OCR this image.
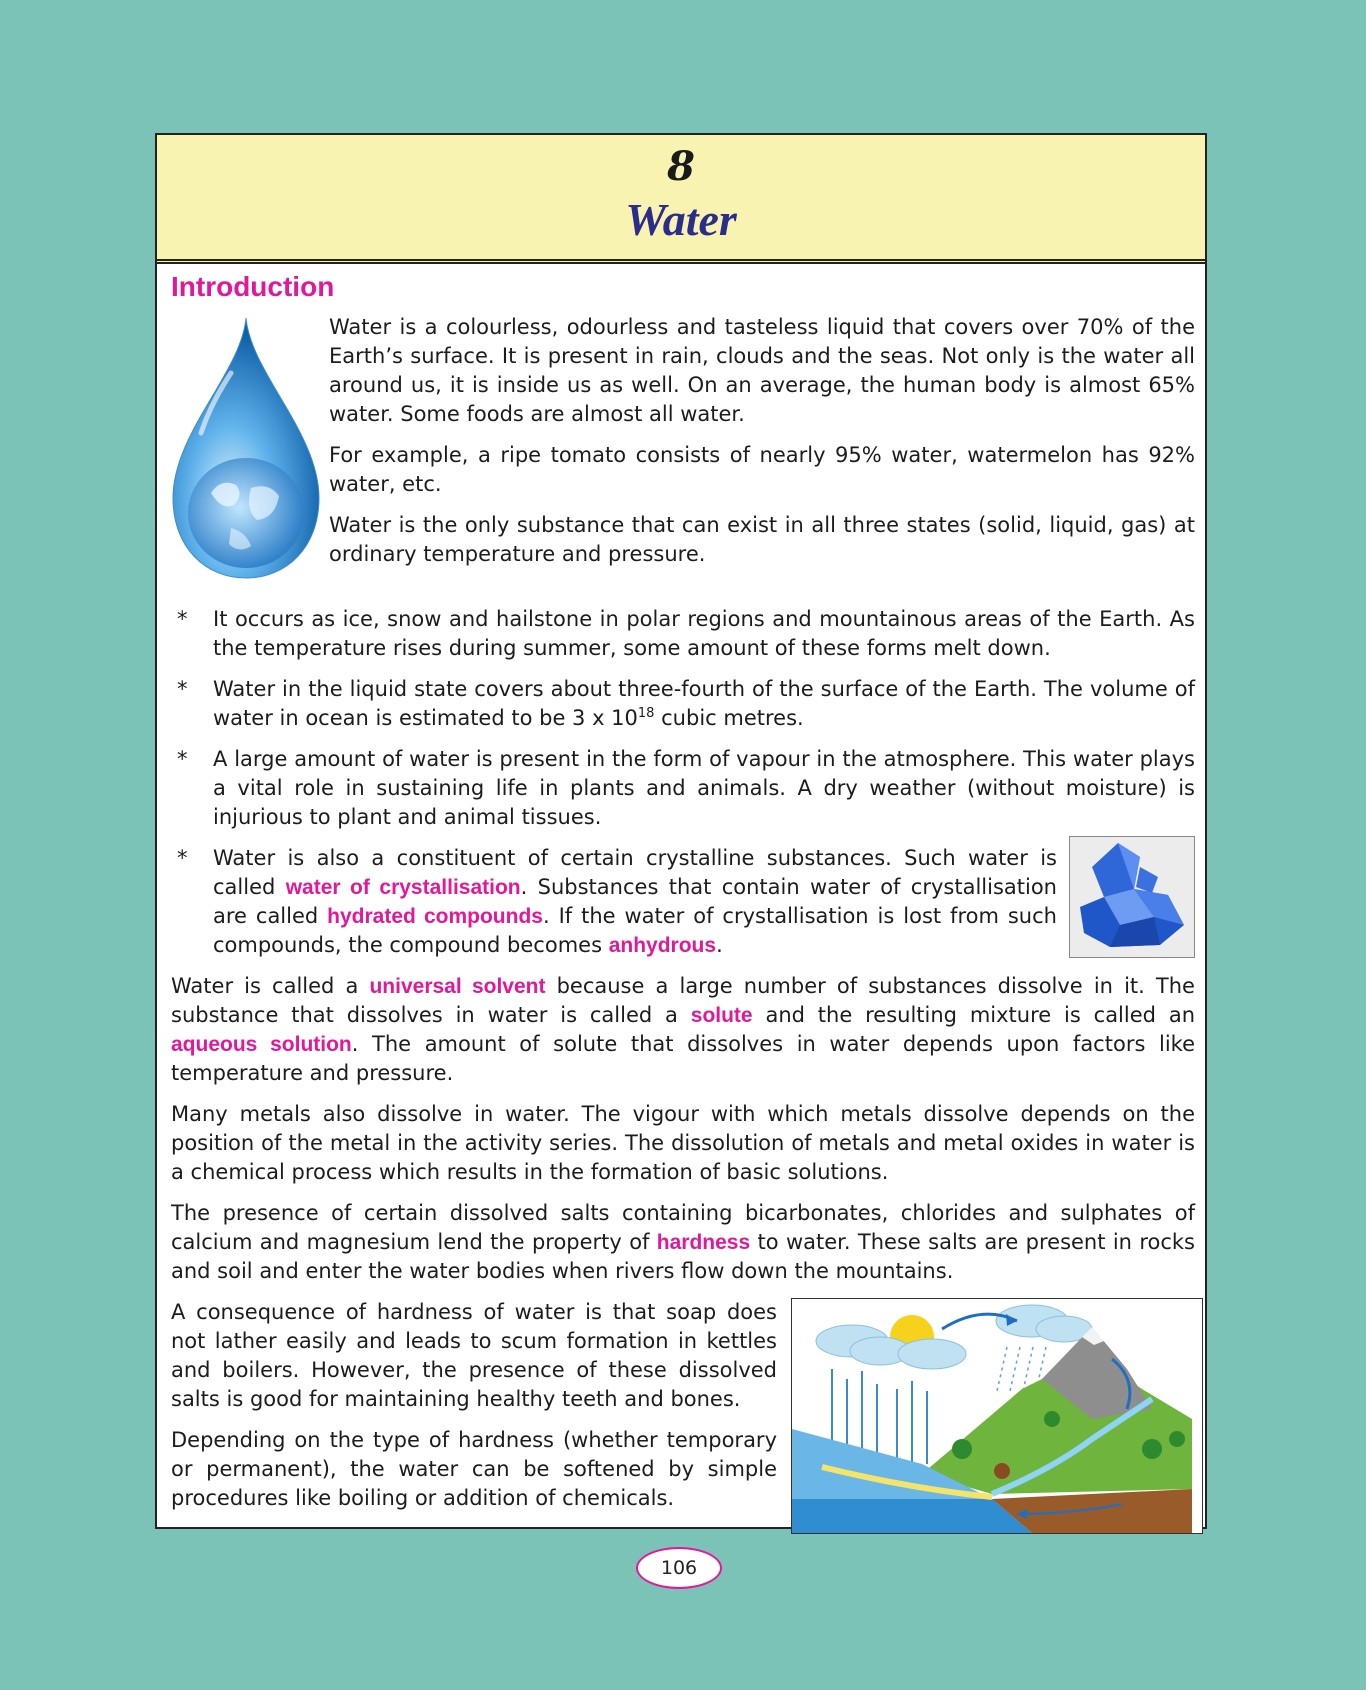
8
Water
Introduction

Water is a colourless, odourless and tasteless liquid that covers over 70% of the Earth’s surface. It is present in rain, clouds and the seas. Not only is the water all around us, it is inside us as well. On an average, the human body is almost 65% water. Some foods are almost all water.

For example, a ripe tomato consists of nearly 95% water, watermelon has 92% water, etc.

Water is the only substance that can exist in all three states (solid, liquid, gas) at ordinary temperature and pressure.

* It occurs as ice, snow and hailstone in polar regions and mountainous areas of the Earth. As the temperature rises during summer, some amount of these forms melt down.
* Water in the liquid state covers about three-fourth of the surface of the Earth. The volume of water in ocean is estimated to be 3 x $10^{18}$ cubic metres.
* A large amount of water is present in the form of vapour in the atmosphere. This water plays a vital role in sustaining life in plants and animals. A dry weather (without moisture) is injurious to plant and animal tissues.
* Water is also a constituent of certain crystalline substances. Such water is called water of crystallisation. Substances that contain water of crystallisation are called hydrated compounds. If the water of crystallisation is lost from such compounds, the compound becomes anhydrous.

Water is called a universal solvent because a large number of substances dissolve in it. The substance that dissolves in water is called a solute and the resulting mixture is called an aqueous solution. The amount of solute that dissolves in water depends upon factors like temperature and pressure.

Many metals also dissolve in water. The vigour with which metals dissolve depends on the position of the metal in the activity series. The dissolution of metals and metal oxides in water is a chemical process which results in the formation of basic solutions.

The presence of certain dissolved salts containing bicarbonates, chlorides and sulphates of calcium and magnesium lend the property of hardness to water. These salts are present in rocks and soil and enter the water bodies when rivers flow down the mountains.

A consequence of hardness of water is that soap does not lather easily and leads to scum formation in kettles and boilers. However, the presence of these dissolved salts is good for maintaining healthy teeth and bones.

Depending on the type of hardness (whether temporary or permanent), the water can be softened by simple procedures like boiling or addition of chemicals.

106
